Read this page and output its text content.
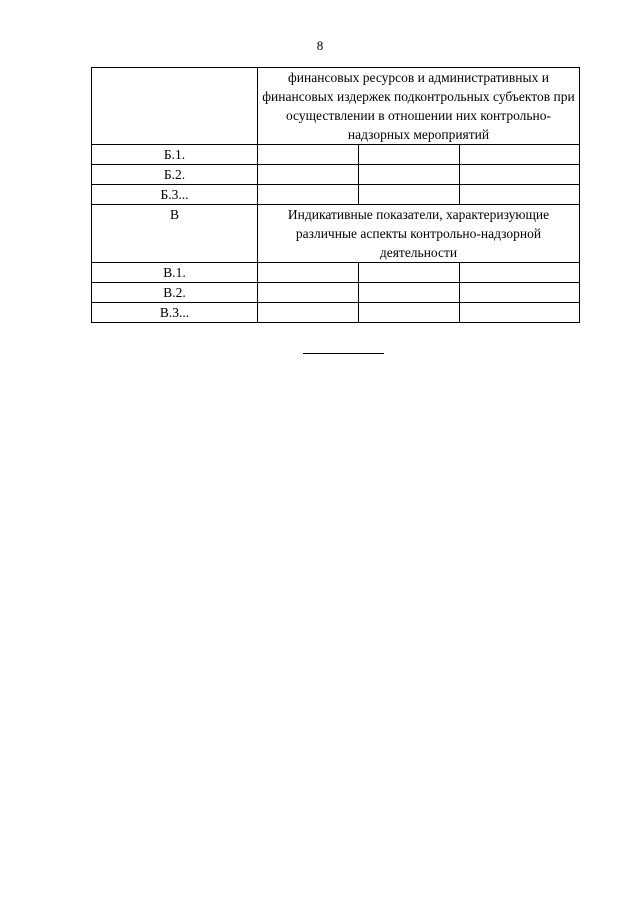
8
	финансовых ресурсов и административных и финансовых издержек подконтрольных субъектов при осуществлении в отношении них контрольно-надзорных мероприятий		
Б.1.			
Б.2.			
Б.3...			
В	Индикативные показатели, характеризующие различные аспекты контрольно-надзорной деятельности		
В.1.			
В.2.			
В.3...			
